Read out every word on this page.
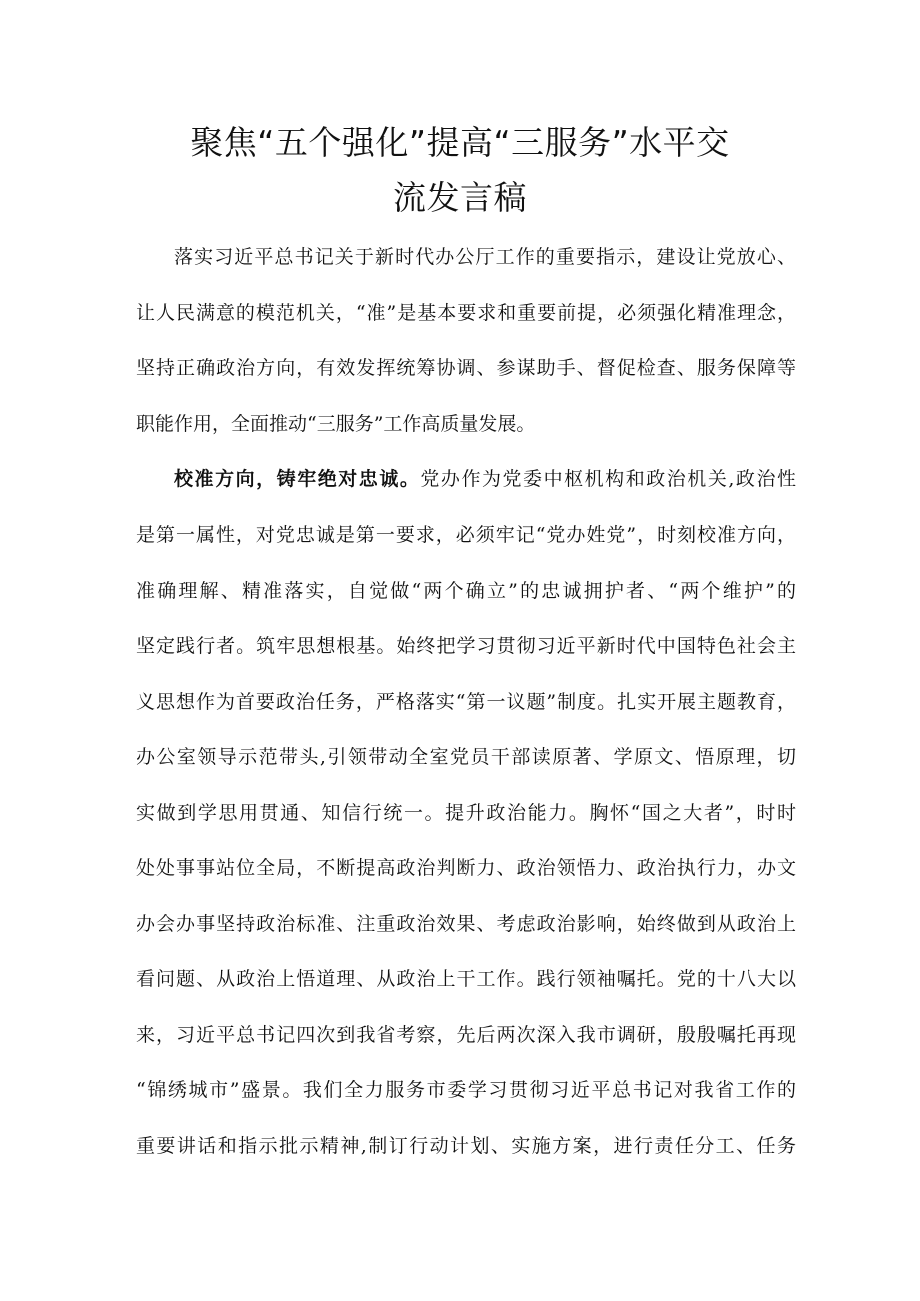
聚焦“五个强化”提高“三服务”水平交
流发言稿
落实习近平总书记关于新时代办公厅工作的重要指示，建设让党放心、
让人民满意的模范机关，“准”是基本要求和重要前提，必须强化精准理念，
坚持正确政治方向，有效发挥统筹协调、参谋助手、督促检查、服务保障等
职能作用，全面推动“三服务”工作高质量发展。
校准方向，铸牢绝对忠诚。党办作为党委中枢机构和政治机关,政治性
是第一属性，对党忠诚是第一要求，必须牢记“党办姓党”，时刻校准方向，
准确理解、精准落实，自觉做“两个确立”的忠诚拥护者、“两个维护”的
坚定践行者。筑牢思想根基。始终把学习贯彻习近平新时代中国特色社会主
义思想作为首要政治任务，严格落实“第一议题”制度。扎实开展主题教育，
办公室领导示范带头,引领带动全室党员干部读原著、学原文、悟原理，切
实做到学思用贯通、知信行统一。提升政治能力。胸怀“国之大者”，时时
处处事事站位全局，不断提高政治判断力、政治领悟力、政治执行力，办文
办会办事坚持政治标准、注重政治效果、考虑政治影响，始终做到从政治上
看问题、从政治上悟道理、从政治上干工作。践行领袖嘱托。党的十八大以
来，习近平总书记四次到我省考察，先后两次深入我市调研，殷殷嘱托再现
“锦绣城市”盛景。我们全力服务市委学习贯彻习近平总书记对我省工作的
重要讲话和指示批示精神,制订行动计划、实施方案，进行责任分工、任务
